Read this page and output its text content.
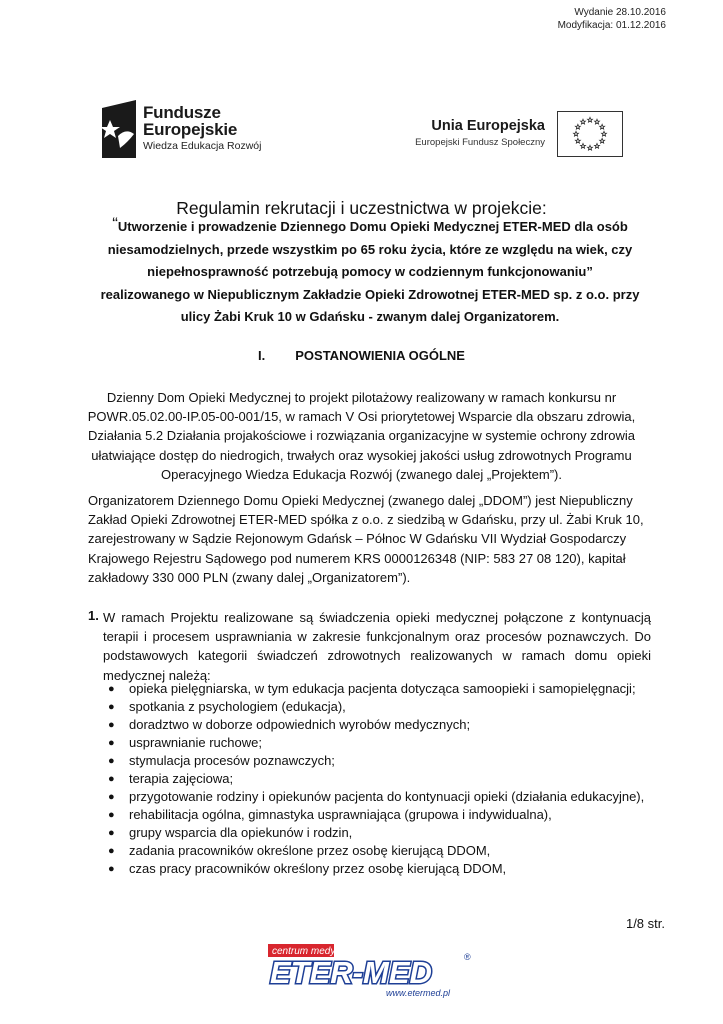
Wydanie 28.10.2016
Modyfikacja: 01.12.2016
Fundusze
Europejskie
Wiedza Edukacja Rozwój
Unia Europejska
Europejski Fundusz Społeczny
Regulamin rekrutacji i uczestnictwa w projekcie:
“Utworzenie i prowadzenie Dziennego Domu Opieki Medycznej ETER-MED dla osób
niesamodzielnych, przede wszystkim po 65 roku życia, które ze względu na wiek, czy
niepełnosprawność potrzebują pomocy w codziennym funkcjonowaniu”
realizowanego w Niepublicznym Zakładzie Opieki Zdrowotnej ETER-MED sp. z o.o. przy
ulicy Żabi Kruk 10 w Gdańsku - zwanym dalej Organizatorem.
I. POSTANOWIENIA OGÓLNE
Dzienny Dom Opieki Medycznej to projekt pilotażowy realizowany w ramach konkursu nr
POWR.05.02.00-IP.05-00-001/15, w ramach V Osi priorytetowej Wsparcie dla obszaru zdrowia,
Działania 5.2 Działania projakościowe i rozwiązania organizacyjne w systemie ochrony zdrowia
ułatwiające dostęp do niedrogich, trwałych oraz wysokiej jakości usług zdrowotnych Programu
Operacyjnego Wiedza Edukacja Rozwój (zwanego dalej „Projektem”).
Organizatorem Dziennego Domu Opieki Medycznej (zwanego dalej „DDOM”) jest Niepubliczny
Zakład Opieki Zdrowotnej ETER-MED spółka z o.o. z siedzibą w Gdańsku, przy ul. Żabi Kruk 10,
zarejestrowany w Sądzie Rejonowym Gdańsk – Północ W Gdańsku VII Wydział Gospodarczy
Krajowego Rejestru Sądowego pod numerem KRS 0000126348 (NIP: 583 27 08 120), kapitał
zakładowy 330 000 PLN (zwany dalej „Organizatorem”).
1. W ramach Projektu realizowane są świadczenia opieki medycznej połączone z kontynuacją terapii i procesem usprawniania w zakresie funkcjonalnym oraz procesów poznawczych. Do podstawowych kategorii świadczeń zdrowotnych realizowanych w ramach domu opieki medycznej należą:
● opieka pielęgniarska, w tym edukacja pacjenta dotycząca samoopieki i samopielęgnacji;
● spotkania z psychologiem (edukacja),
● doradztwo w doborze odpowiednich wyrobów medycznych;
● usprawnianie ruchowe;
● stymulacja procesów poznawczych;
● terapia zajęciowa;
● przygotowanie rodziny i opiekunów pacjenta do kontynuacji opieki (działania edukacyjne),
● rehabilitacja ogólna, gimnastyka usprawniająca (grupowa i indywidualna),
● grupy wsparcia dla opiekunów i rodzin,
● zadania pracowników określone przez osobę kierującą DDOM,
● czas pracy pracowników określony przez osobę kierującą DDOM,
1/8 str.
centrum medyczne
ETER-MED	®
www.etermed.pl
